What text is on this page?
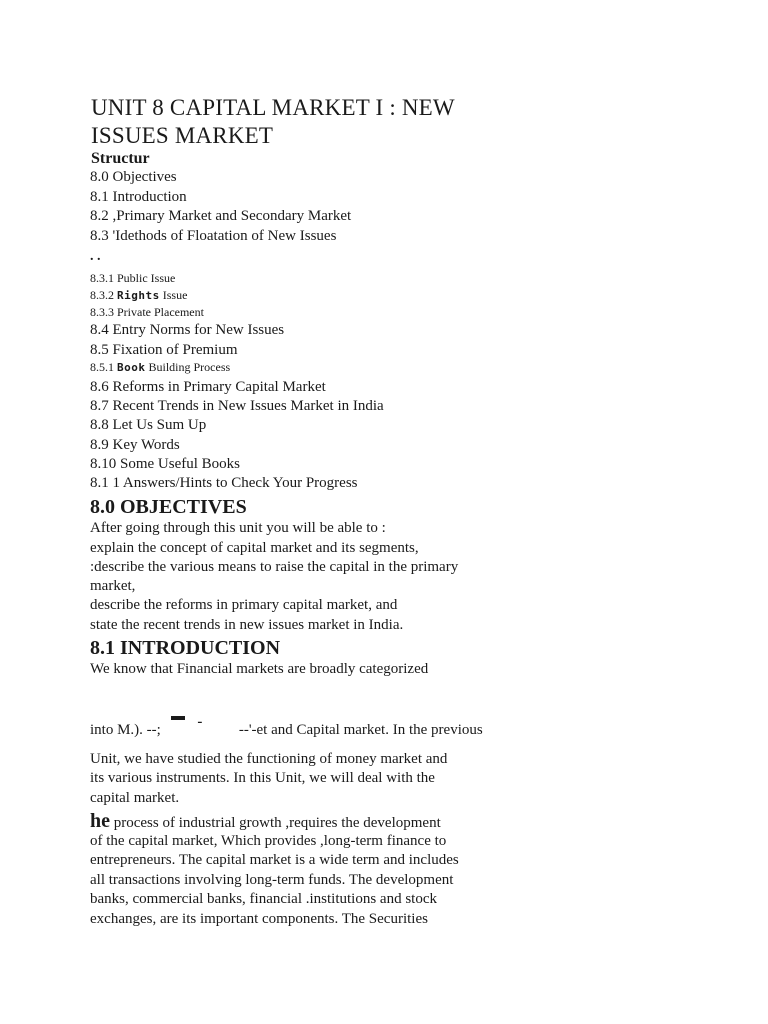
UNIT 8 CAPITAL MARKET I : NEW
ISSUES MARKET
Structur
8.0 Objectives
8.1 Introduction
8.2 ,Primary Market and Secondary Market
8.3 'Idethods of Floatation of New Issues
. .
8.3.1 Public Issue
8.3.2 Rights Issue
8.3.3 Private Placement
8.4 Entry Norms for New Issues
8.5 Fixation of Premium
8.5.1 Book Building Process
8.6 Reforms in Primary Capital Market
8.7 Recent Trends in New Issues Market in India
8.8 Let Us Sum Up
8.9 Key Words
8.10 Some Useful Books
8.1 1 Answers/Hints to Check Your Progress
8.0 OBJECTIVES
After going through this unit you will be able to :
explain the concept of capital market and its segments,
:describe the various means to raise the capital in the primary
market,
describe the reforms in primary capital market, and
state the recent trends in new issues market in India.
8.1 INTRODUCTION
We know that Financial markets are broadly categorized
into M.). --; - --'-et and Capital market. In the previous
Unit, we have studied the functioning of money market and
its various instruments. In this Unit, we will deal with the
capital market.
he process of industrial growth ,requires the development
of the capital market, Which provides ,long-term finance to
entrepreneurs. The capital market is a wide term and includes
all transactions involving long-term funds. The development
banks, commercial banks, financial .institutions and stock
exchanges, are its important components. The Securities
